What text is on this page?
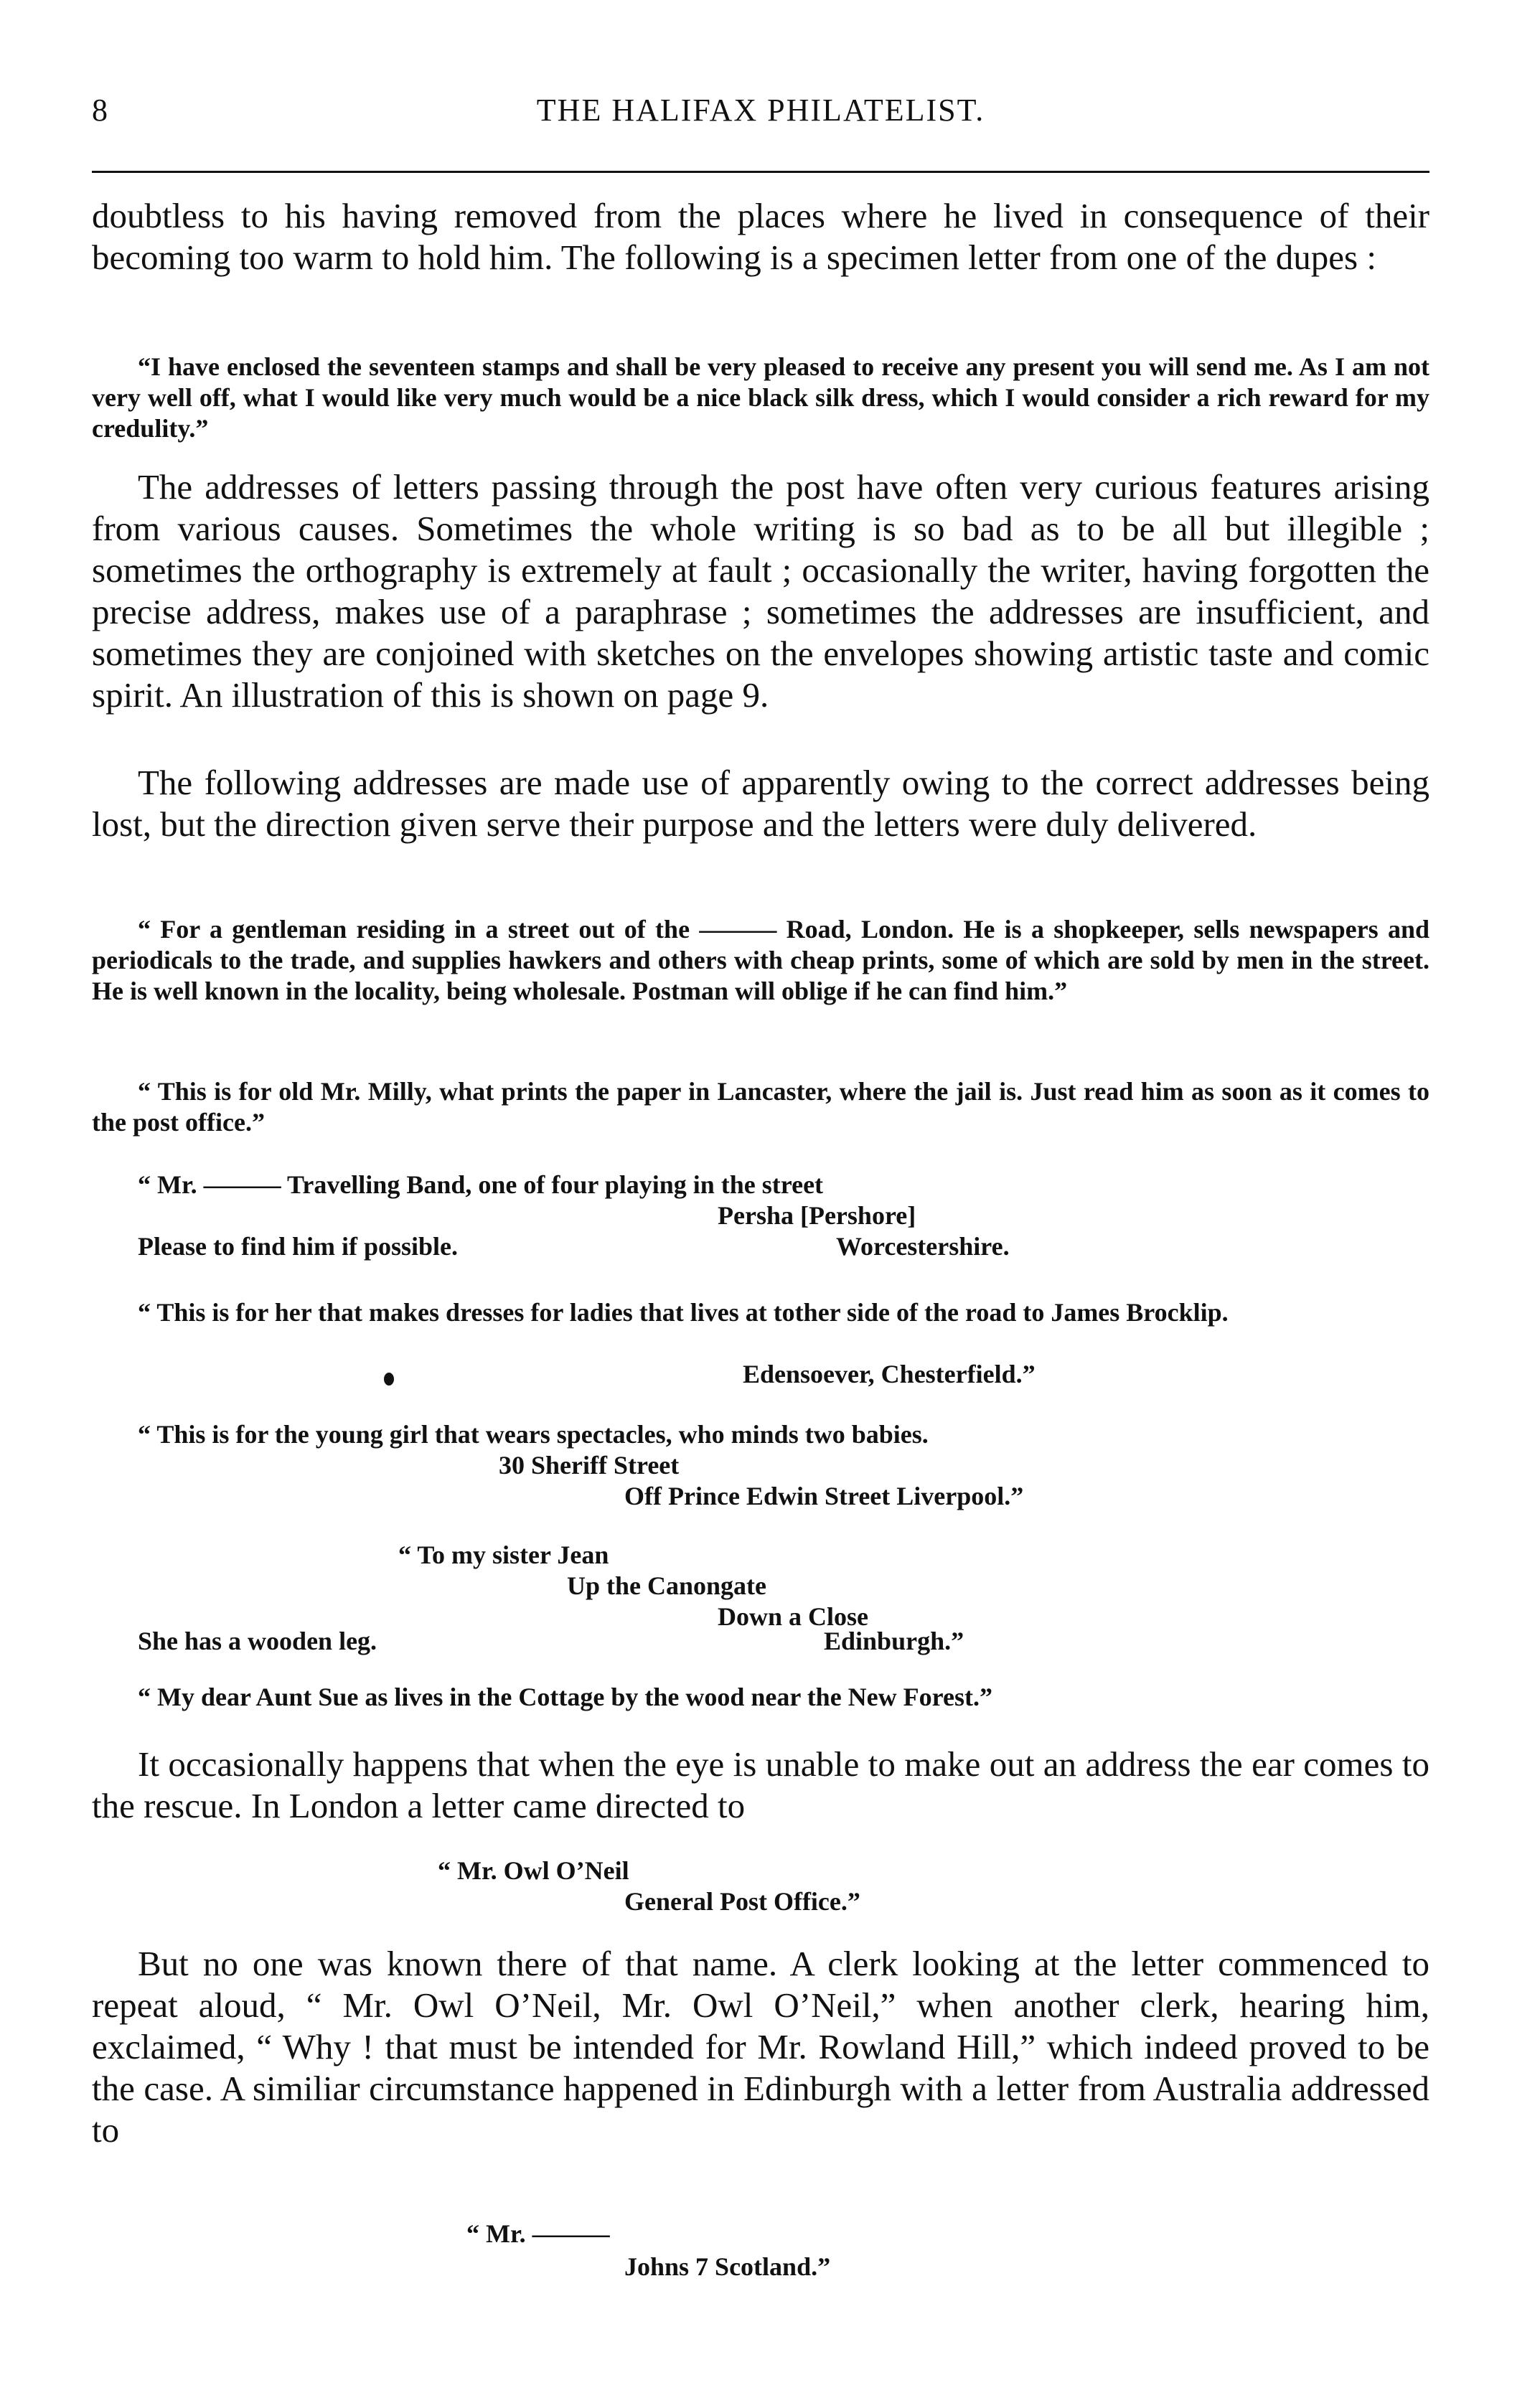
8	THE HALIFAX PHILATELIST.

doubtless to his having removed from the places where he lived in consequence of their becoming too warm to hold him. The following is a specimen letter from one of the dupes :

“I have enclosed the seventeen stamps and shall be very pleased to receive any present you will send me. As I am not very well off, what I would like very much would be a nice black silk dress, which I would consider a rich reward for my credulity.”

The addresses of letters passing through the post have often very curious features arising from various causes. Sometimes the whole writing is so bad as to be all but illegible ; sometimes the orthography is extremely at fault ; occasionally the writer, having forgotten the precise address, makes use of a paraphrase ; sometimes the addresses are insufficient, and sometimes they are conjoined with sketches on the envelopes showing artistic taste and comic spirit. An illustration of this is shown on page 9.

The following addresses are made use of apparently owing to the correct addresses being lost, but the direction given serve their purpose and the letters were duly delivered.

“ For a gentleman residing in a street out of the ——— Road, London. He is a shopkeeper, sells newspapers and periodicals to the trade, and supplies hawkers and others with cheap prints, some of which are sold by men in the street. He is well known in the locality, being wholesale. Postman will oblige if he can find him.”

“ This is for old Mr. Milly, what prints the paper in Lancaster, where the jail is. Just read him as soon as it comes to the post office.”

“ Mr. ——— Travelling Band, one of four playing in the street
Persha [Pershore]
Please to find him if possible.	Worcestershire.

“ This is for her that makes dresses for ladies that lives at tother side of the road to James Brocklip.

Edensoever, Chesterfield.”
“ This is for the young girl that wears spectacles, who minds two babies.
30 Sheriff Street
Off Prince Edwin Street Liverpool.”
“ To my sister Jean
Up the Canongate
Down a Close
She has a wooden leg.	Edinburgh.”
“ My dear Aunt Sue as lives in the Cottage by the wood near the New Forest.”

It occasionally happens that when the eye is unable to make out an address the ear comes to the rescue. In London a letter came directed to

“ Mr. Owl O’Neil
General Post Office.”

But no one was known there of that name. A clerk looking at the letter commenced to repeat aloud, “ Mr. Owl O’Neil, Mr. Owl O’Neil,” when another clerk, hearing him, exclaimed, “ Why ! that must be intended for Mr. Rowland Hill,” which indeed proved to be the case. A similiar circumstance happened in Edinburgh with a letter from Australia addressed to

“ Mr. ———
Johns 7 Scotland.”
